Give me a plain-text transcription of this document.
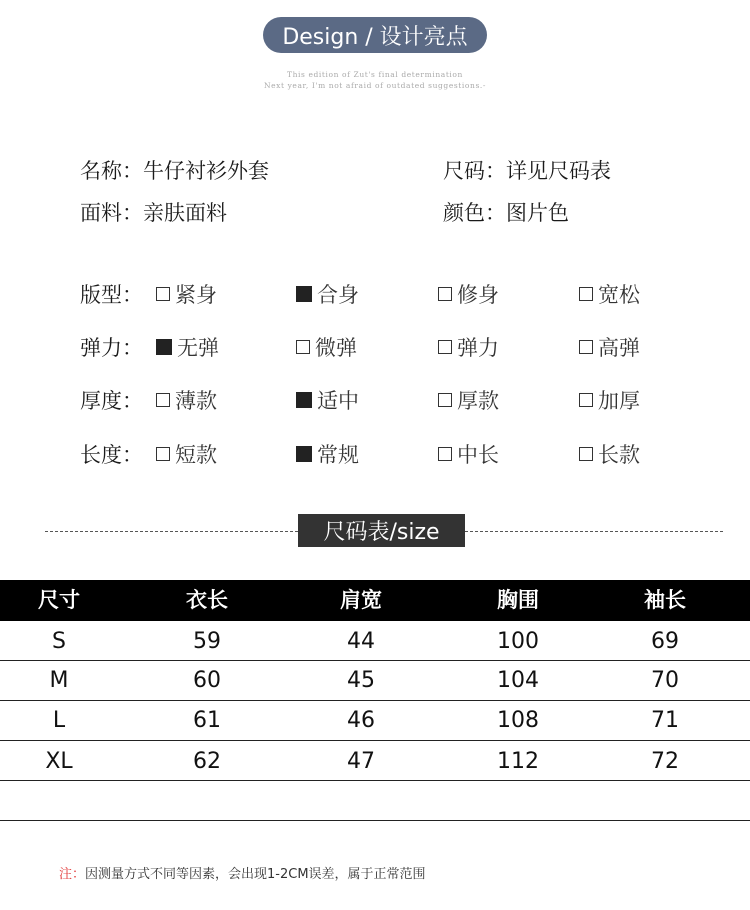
Design / 设计亮点
This edition of Zut's final determination
Next year, I'm not afraid of outdated suggestions.-
名称：牛仔衬衫外套	尺码：详见尺码表
面料：亲肤面料	颜色：图片色
版型： 紧身	合身	修身	宽松
弹力： 无弹	微弹	弹力	高弹
厚度： 薄款	适中	厚款	加厚
长度： 短款	常规	中长	长款
尺码表/size
尺寸	衣长	肩宽	胸围	袖长
S	59	44	100	69
M	60	45	104	70
L	61	46	108	71
XL	62	47	112	72
注：因测量方式不同等因素，会出现1-2CM误差，属于正常范围
